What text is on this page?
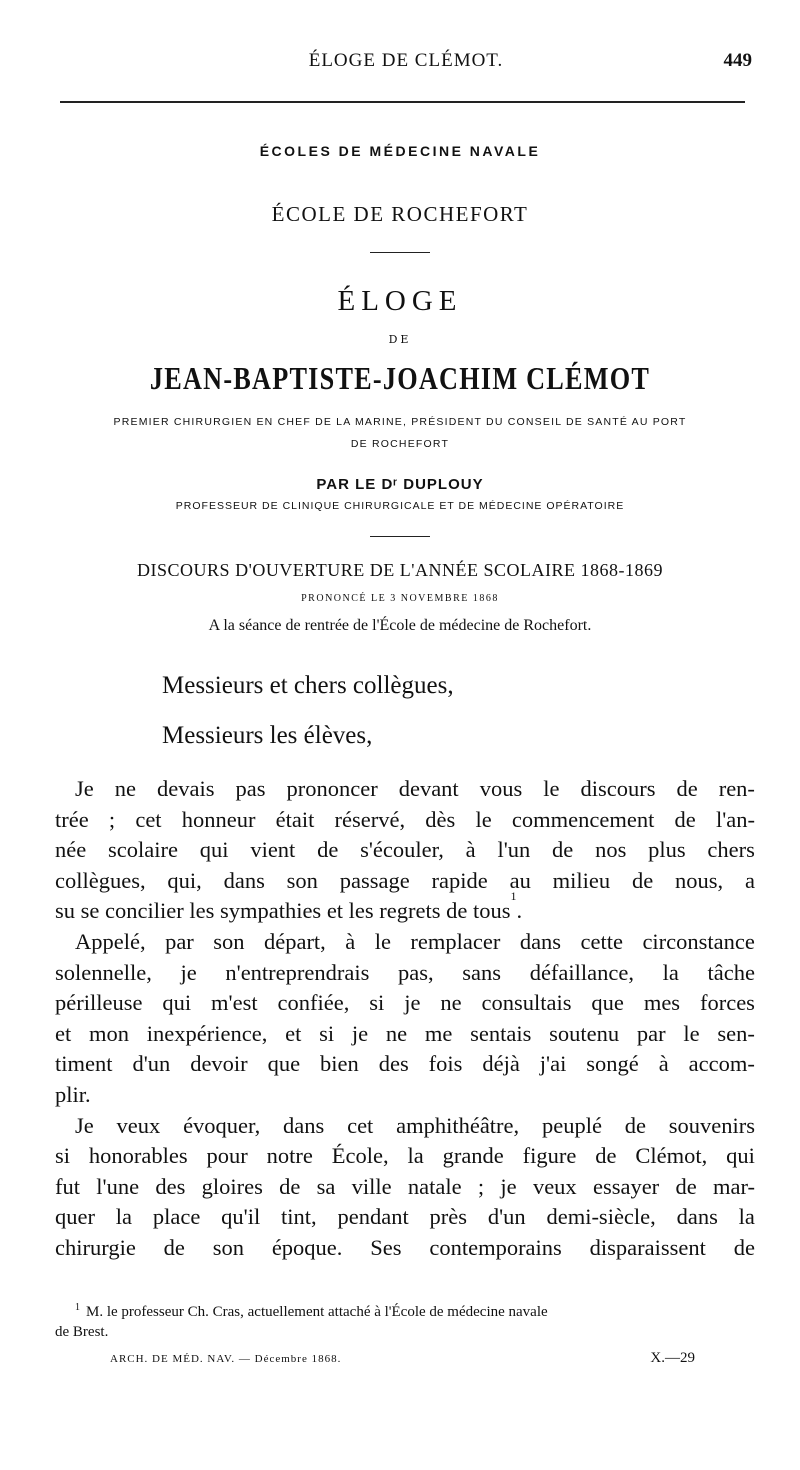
ÉLOGE DE CLÉMOT.	449
ÉCOLES DE MÉDECINE NAVALE
ÉCOLE DE ROCHEFORT
ÉLOGE
DE
JEAN-BAPTISTE-JOACHIM CLÉMOT
PREMIER CHIRURGIEN EN CHEF DE LA MARINE, PRÉSIDENT DU CONSEIL DE SANTÉ AU PORT
DE ROCHEFORT
PAR LE Dʳ DUPLOUY
PROFESSEUR DE CLINIQUE CHIRURGICALE ET DE MÉDECINE OPÉRATOIRE
DISCOURS D'OUVERTURE DE L'ANNÉE SCOLAIRE 1868-1869
PRONONCÉ LE 3 NOVEMBRE 1868
A la séance de rentrée de l'École de médecine de Rochefort.
Messieurs et chers collègues,
Messieurs les élèves,
Je ne devais pas prononcer devant vous le discours de ren-
trée ; cet honneur était réservé, dès le commencement de l'an-
née scolaire qui vient de s'écouler, à l'un de nos plus chers
collègues, qui, dans son passage rapide au milieu de nous, a
su se concilier les sympathies et les regrets de tous
1
.
Appelé, par son départ, à le remplacer dans cette circonstance
solennelle, je n'entreprendrais pas, sans défaillance, la tâche
périlleuse qui m'est confiée, si je ne consultais que mes forces
et mon inexpérience, et si je ne me sentais soutenu par le sen-
timent d'un devoir que bien des fois déjà j'ai songé à accom-
plir.
Je veux évoquer, dans cet amphithéâtre, peuplé de souvenirs
si honorables pour notre École, la grande figure de Clémot, qui
fut l'une des gloires de sa ville natale ; je veux essayer de mar-
quer la place qu'il tint, pendant près d'un demi-siècle, dans la
chirurgie de son époque. Ses contemporains disparaissent de
$^1$ M. le professeur Ch. Cras, actuellement attaché à l'École de médecine navale
de Brest.
ARCH. DE MÉD. NAV. — Décembre 1868.	X.—29
